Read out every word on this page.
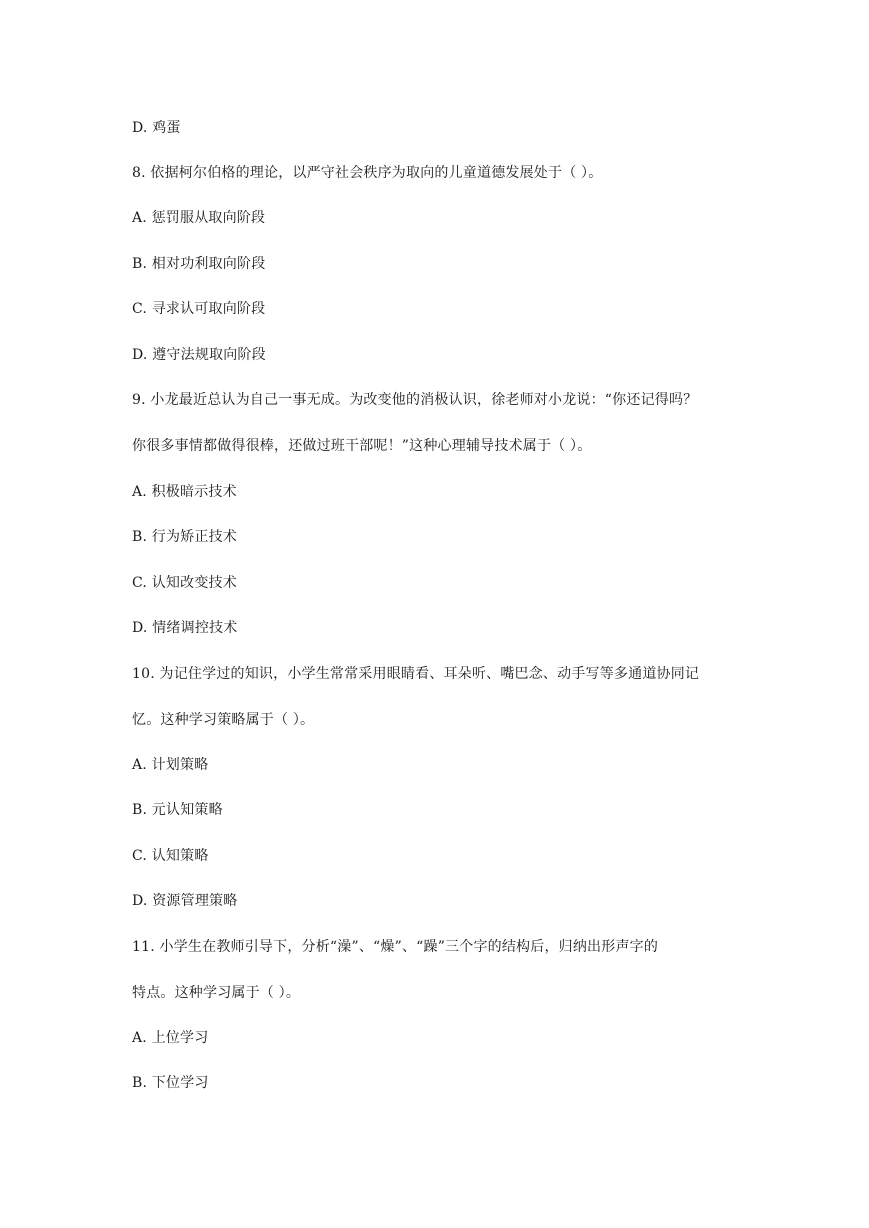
D. 鸡蛋
8. 依据柯尔伯格的理论，以严守社会秩序为取向的儿童道德发展处于（ ）。
A. 惩罚服从取向阶段
B. 相对功利取向阶段
C. 寻求认可取向阶段
D. 遵守法规取向阶段
9. 小龙最近总认为自己一事无成。为改变他的消极认识，徐老师对小龙说：“你还记得吗？
你很多事情都做得很棒，还做过班干部呢！”这种心理辅导技术属于（ ）。
A. 积极暗示技术
B. 行为矫正技术
C. 认知改变技术
D. 情绪调控技术
10. 为记住学过的知识，小学生常常采用眼睛看、耳朵听、嘴巴念、动手写等多通道协同记
忆。这种学习策略属于（ ）。
A. 计划策略
B. 元认知策略
C. 认知策略
D. 资源管理策略
11. 小学生在教师引导下，分析“澡”、“燥”、“躁”三个字的结构后，归纳出形声字的
特点。这种学习属于（ ）。
A. 上位学习
B. 下位学习
